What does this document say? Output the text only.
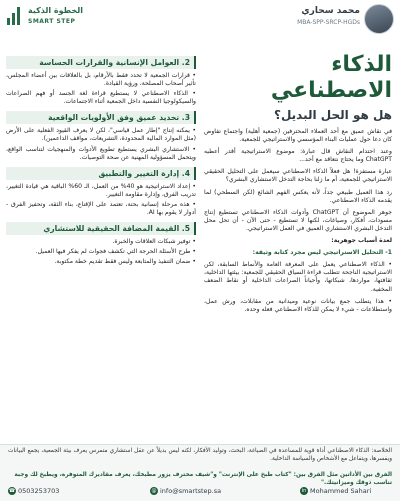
محمد سحاري
MBA-SPP-SRCP-HGDs
الخطوة الذكية
SMART STEP
الذكاء الاصطناعي
هل هو الحل البديل؟

في نقاش عميق مع أحد العملاء المحترفين (جمعية أهلية) واجتماع تفاوض كان دعا حول عمليات البناء المؤسسي والاستراتيجي للجمعية.

وعند احتدام النقاش قال عبارة: موضوع الاستراتيجية أقدر أعطيه ChatGPT وما يحتاج نتعاقد مع أحد...

عبارة مستفزة! هل فعلاً الذكاء الاصطناعي سيعمل على التحليل الحقيقي الاستراتيجي للجمعية، أم ما زلنا بحاجة التدخل الاستشاري البشري؟

رد هذا العميل طبيعي جداً، لأنه يعكس الفهم الشائع (لكن السطحي) لما يقدمه الذكاء الاصطناعي.

جوهر الموضوع أن ChatGPT وأدوات الذكاء الاصطناعي تستطيع إنتاج مسودات، أفكار، وصياغات، لكنها لا تستطيع - حتى الآن - أن تحل محل التدخل البشري الاستشاري العميق في العمل الاستراتيجي.

لعدة أسباب جوهرية:

1- التحليل الاستراتيجي ليس مجرد كتابة وثيقة:

• الذكاء الاصطناعي يعمل على المعرفة العامة والأنماط السابقة، لكن الاستراتيجية الناجحة تتطلب قراءة السياق الحقيقي للجمعية: بيئتها الداخلية، ثقافتها، مواردها، شبكاتها، وأحياناً الصراعات الداخلية أو نقاط الضعف المخفية.

• هذا يتطلب جمع بيانات نوعية وميدانية من مقابلات، ورش عمل، واستطلاعات - شيء لا يمكن للذكاء الاصطناعي فعله وحده.

2. العوامل الإنسانية والقرارات الحساسة

• قرارات الجمعية لا تحدد فقط بالأرقام، بل بالعلاقات بين أعضاء المجلس، تأثير أصحاب المصلحة، ورؤية القيادة.

• الذكاء الاصطناعي لا يستطيع قراءة لغة الجسد أو فهم الصراعات والسيكولوجيا النفسية داخل الجمعية أثناء الاجتماعات.

3. تحديد عميق وفق الأولويات الواقعية

• يمكنه إنتاج "إطار عمل قياسي"، لكن لا يعرف القيود الفعلية على الأرض (مثل الموارد المالية المحدودة، التشريعات، مواقف الداعمين).

• الاستشاري البشري يستطيع تطويع الأدوات والمنهجيات لتناسب الواقع، ويتحمل المسؤولية المهنية عن صحة التوصيات.

4. إدارة التغيير والتطبيق

• إعداد الاستراتيجية هو 40% من العمل، الـ 60% الباقية هي قيادة التغيير، تدريب الفرق، وإدارة مقاومة التغيير.

• هذه مرحلة إنسانية بحتة، تعتمد على الإقناع، بناء الثقة، وتحفيز الفرق - أدوار لا يقوم بها AI.

5. القيمة المضافة الحقيقية للاستشاري

• توفير شبكات العلاقات والخبرة.

• طرح الأسئلة الحرجة التي تكشف فجوات لم يفكر فيها العميل.

• ضمان التنفيذ والمتابعة وليس فقط تقديم خطة مكتوبة.

الخلاصة: الذكاء الاصطناعي أداة قوية للمساعدة في الصياغة، البحث، وتوليد الأفكار، لكنه ليس بديلاً عن عقل استشاري متمرس يعرف بيئة الجمعية، يجمع البيانات ويفسرها، ويتفاعل مع الأشخاص والسياسة الداخلية.
الفرق بين الأداتين مثل الفرق بين: "كتاب طبخ على الإنترنت" و"شيف محترف يزور مطبخك، يعرف مقاديرك المتوفرة، ويطبخ لك وجبة تناسب ذوقك وميزانيتك."
☎ 0503253703	@ info@smartstep.sa	in Mohammed Sahari
